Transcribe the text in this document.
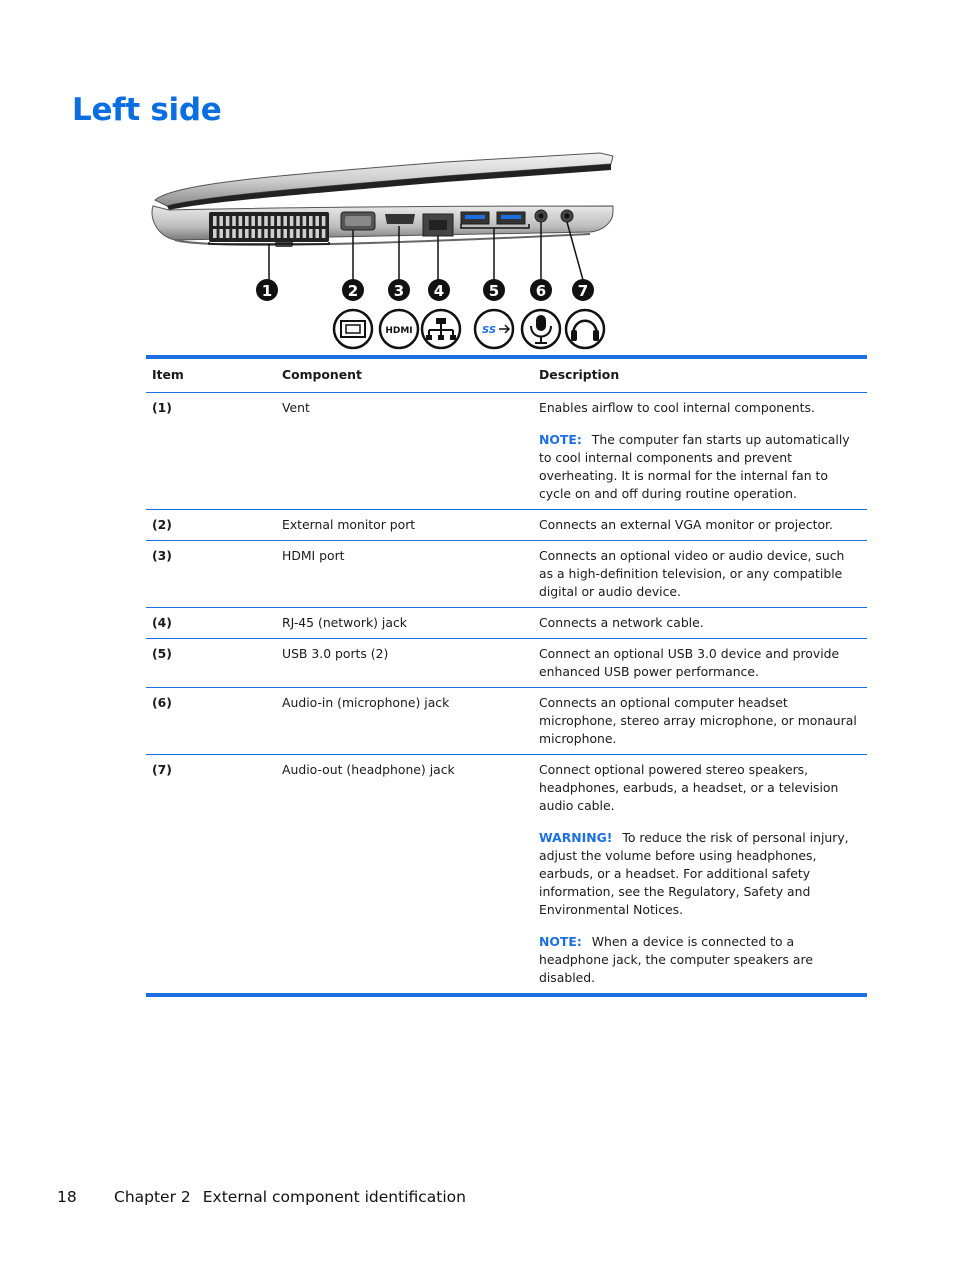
Left side
1	2 3 4	5 6 7
HDMI	SS
Item	Component	Description
(1)	Vent	Enables airflow to cool internal components.

NOTE: The computer fan starts up automatically to cool internal components and prevent overheating. It is normal for the internal fan to cycle on and off during routine operation.

(2)	External monitor port	Connects an external VGA monitor or projector.

(3)	HDMI port	Connects an optional video or audio device, such as a high-definition television, or any compatible digital or audio device.

(4)	RJ-45 (network) jack	Connects a network cable.

(5)	USB 3.0 ports (2)	Connect an optional USB 3.0 device and provide enhanced USB power performance.

(6)	Audio-in (microphone) jack	Connects an optional computer headset microphone, stereo array microphone, or monaural microphone.

(7)	Audio-out (headphone) jack	Connect optional powered stereo speakers, headphones, earbuds, a headset, or a television audio cable.

WARNING! To reduce the risk of personal injury, adjust the volume before using headphones, earbuds, or a headset. For additional safety information, see the Regulatory, Safety and Environmental Notices.

NOTE: When a device is connected to a headphone jack, the computer speakers are disabled.

18 Chapter 2 External component identification
